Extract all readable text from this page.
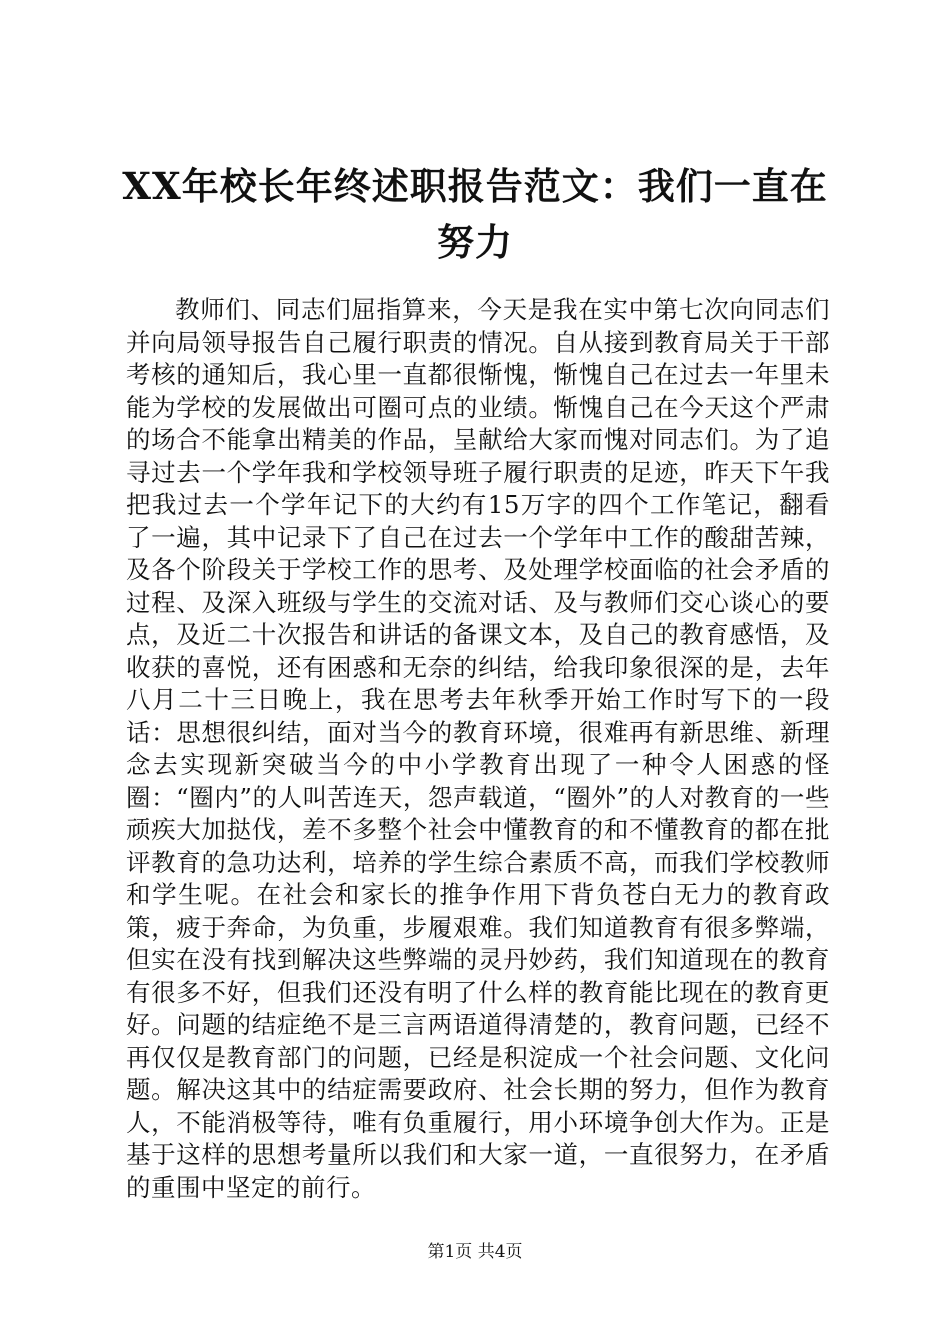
XX年校长年终述职报告范文：我们一直在努力

教师们、同志们屈指算来，今天是我在实中第七次向同志们并向局领导报告自己履行职责的情况。自从接到教育局关于干部考核的通知后，我心里一直都很惭愧，惭愧自己在过去一年里未能为学校的发展做出可圈可点的业绩。惭愧自己在今天这个严肃的场合不能拿出精美的作品，呈献给大家而愧对同志们。为了追寻过去一个学年我和学校领导班子履行职责的足迹，昨天下午我把我过去一个学年记下的大约有15万字的四个工作笔记，翻看了一遍，其中记录下了自己在过去一个学年中工作的酸甜苦辣，及各个阶段关于学校工作的思考、及处理学校面临的社会矛盾的过程、及深入班级与学生的交流对话、及与教师们交心谈心的要点，及近二十次报告和讲话的备课文本，及自己的教育感悟，及收获的喜悦，还有困惑和无奈的纠结，给我印象很深的是，去年八月二十三日晚上，我在思考去年秋季开始工作时写下的一段话：思想很纠结，面对当今的教育环境，很难再有新思维、新理念去实现新突破当今的中小学教育出现了一种令人困惑的怪圈：“圈内”的人叫苦连天，怨声载道，“圈外”的人对教育的一些顽疾大加挞伐，差不多整个社会中懂教育的和不懂教育的都在批评教育的急功达利，培养的学生综合素质不高，而我们学校教师和学生呢。在社会和家长的推争作用下背负苍白无力的教育政策，疲于奔命，为负重，步履艰难。我们知道教育有很多弊端，但实在没有找到解决这些弊端的灵丹妙药，我们知道现在的教育有很多不好，但我们还没有明了什么样的教育能比现在的教育更好。问题的结症绝不是三言两语道得清楚的，教育问题，已经不再仅仅是教育部门的问题，已经是积淀成一个社会问题、文化问题。解决这其中的结症需要政府、社会长期的努力，但作为教育人，不能消极等待，唯有负重履行，用小环境争创大作为。正是基于这样的思想考量所以我们和大家一道，一直很努力，在矛盾的重围中坚定的前行。

第1页 共4页
